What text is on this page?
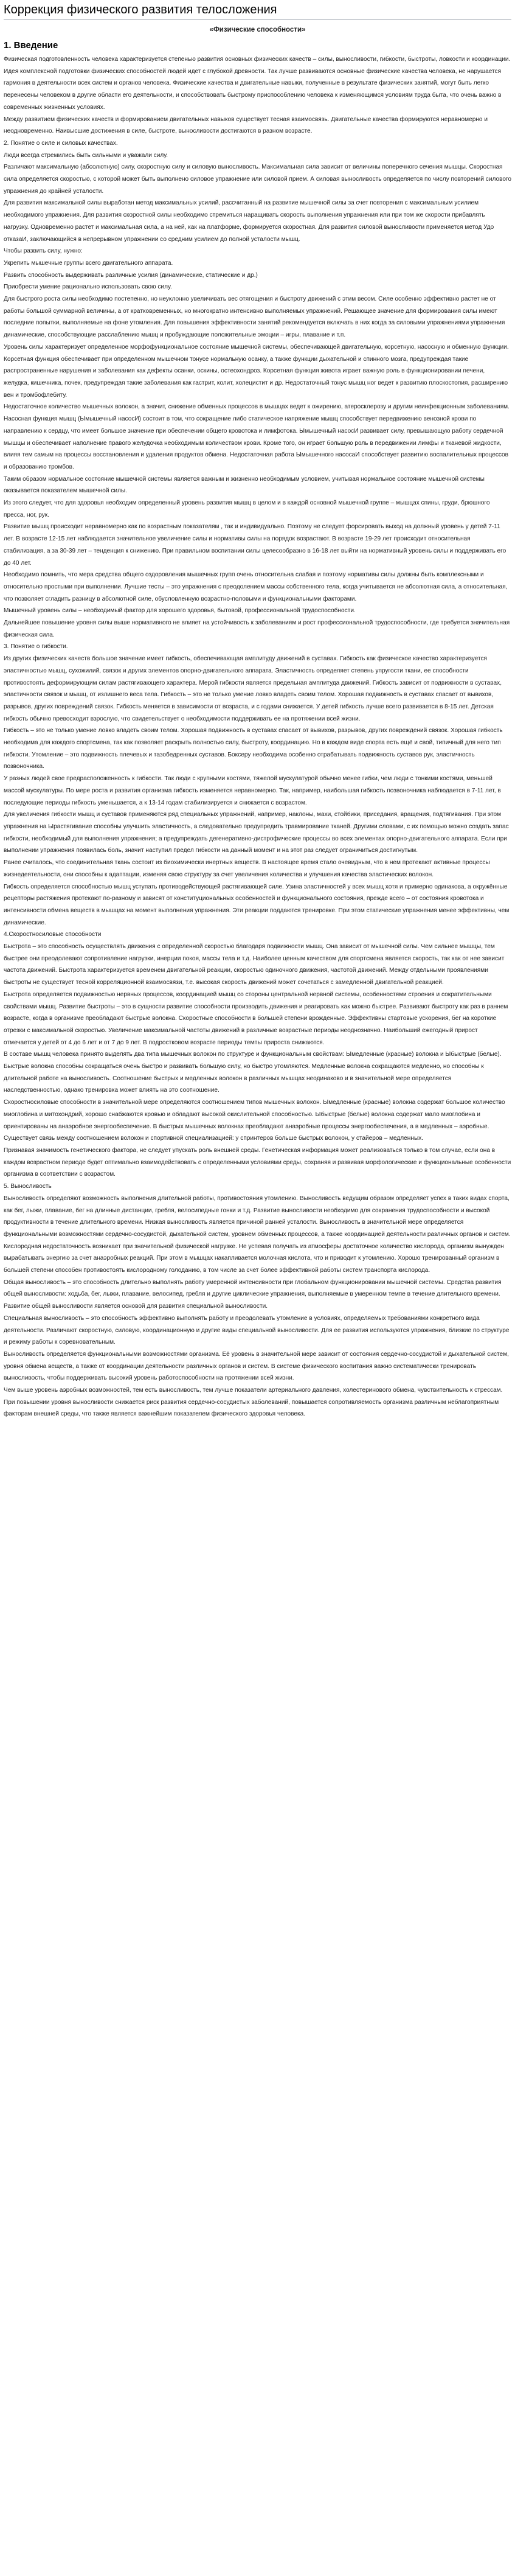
Коррекция физического развития телосложения
«Физические способности»
1. Введение

Физическая подготовленность человека характеризуется степенью развития основных физических качеств – силы, выносливости, гибкости, быстроты, ловкости и координации.

Идея комплексной подготовки физических способностей людей идет с глубокой древности. Так лучше развиваются основные физические качества человека, не нарушается гармония в деятельности всех систем и органов человека. Физические качества и двигательные навыки, полученные в результате физических занятий, могут быть легко перенесены человеком в другие области его деятельности, и способствовать быстрому приспособлению человека к изменяющимся условиям труда быта, что очень важно в современных жизненных условиях.

Между развитием физических качеств и формированием двигательных навыков существует тесная взаимосвязь. Двигательные качества формируются неравномерно и неодновременно. Наивысшие достижения в силе, быстроте, выносливости достигаются в разном возрасте.

2. Понятие о силе и силовых качествах.

Люди всегда стремились быть сильными и уважали силу.

Различают максимальную (абсолютную) силу, скоростную силу и силовую выносливость. Максимальная сила зависит от величины поперечного сечения мышцы. Скоростная сила определяется скоростью, с которой может быть выполнено силовое упражнение или силовой прием. А силовая выносливость определяется по числу повторений силового упражнения до крайней усталости.

Для развития максимальной силы выработан метод максимальных усилий, рассчитанный на развитие мышечной силы за счет повторения с максимальным усилием необходимого упражнения. Для развития скоростной силы необходимо стремиться наращивать скорость выполнения упражнения или при том же скорости прибавлять нагрузку. Одновременно растет и максимальная сила, а на ней, как на платформе, формируется скоростная. Для развития силовой выносливости применяется метод Удо отказаИ, заключающийся в непрерывном упражнении со средним усилием до полной усталости мышц.

Чтобы развить силу, нужно:

Укрепить мышечные группы всего двигательного аппарата.

Развить способность выдерживать различные усилия (динамические, статические и др.)

Приобрести умение рационально использовать свою силу.

Для быстрого роста силы необходимо постепенно, но неуклонно увеличивать вес отягощения и быстроту движений с этим весом. Силе особенно эффективно растет не от работы большой суммарной величины, а от кратковременных, но многократно интенсивно выполняемых упражнений. Решающее значение для формирования силы имеют последние попытки, выполняемые на фоне утомления. Для повышения эффективности занятий рекомендуется включать в них когда за силовыми упражнениями упражнения динамические, способствующие расслаблению мышц и пробуждающие положительные эмоции – игры, плавание и т.п.

Уровень силы характеризует определенное морфофункциональное состояние мышечной системы, обеспечивающей двигательную, корсетную, насосную и обменную функции.

Корсетная функция обеспечивает при определенном мышечном тонусе нормальную осанку, а также функции дыхательной и спинного мозга, предупреждая такие распространенные нарушения и заболевания как дефекты осанки, оскины, остеохондроз. Корсетная функция живота играет важную роль в функционировании печени, желудка, кишечника, почек, предупреждая такие заболевания как гастрит, колит, холецистит и др. Недостаточный тонус мышц ног ведет к развитию плоскостопия, расширению вен и тромбофлебиту.

Недостаточное количество мышечных волокон, а значит, снижение обменных процессов в мышцах ведет к ожирению, атеросклерозу и другим неинфекционным заболеваниям.

Насосная функция мышц (Ымышечный насосИ) состоит в том, что сокращение либо статическое напряжение мышц способствует передвижению венозной крови по направлению к сердцу, что имеет большое значение при обеспечении общего кровотока и лимфотока. Ымышечный насосИ развивает силу, превышающую работу сердечной мышцы и обеспечивает наполнение правого желудочка необходимым количеством крови. Кроме того, он играет большую роль в передвижении лимфы и тканевой жидкости, влияя тем самым на процессы восстановления и удаления продуктов обмена. Недостаточная работа Ымышечного насосаИ способствует развитию воспалительных процессов и образованию тромбов.

Таким образом нормальное состояние мышечной системы является важным и жизненно необходимым условием, учитывая нормальное состояние мышечной системы оказывается показателем мышечной силы.

Из этого следует, что для здоровья необходим определенный уровень развития мышц в целом и в каждой основной мышечной группе – мышцах спины, груди, брюшного пресса, ног, рук.

Развитие мышц происходит неравномерно как по возрастным показателям , так и индивидуально. Поэтому не следует форсировать выход на должный уровень у детей 7-11 лет. В возрасте 12-15 лет наблюдается значительное увеличение силы и нормативы силы на порядок возрастают. В возрасте 19-29 лет происходит относительная стабилизация, а за 30-39 лет – тенденция к снижению. При правильном воспитании силы целесообразно в 16-18 лет выйти на нормативный уровень силы и поддерживать его до 40 лет.

Необходимо помнить, что мера средства общего оздоровления мышечных групп очень относительна слабая и поэтому нормативы силы должны быть комплексными и относительно простыми при выполнении. Лучшие тесты – это упражнения с преодолением массы собственного тела, когда учитывается не абсолютная сила, а относительная, что позволяет сгладить разницу в абсолютной силе, обусловленную возрастно-половыми и функциональными факторами.

Мышечный уровень силы – необходимый фактор для хорошего здоровья, бытовой, профессиональной трудоспособности.

Дальнейшее повышение уровня силы выше нормативного не влияет на устойчивость к заболеваниям и рост профессиональной трудоспособности, где требуется значительная физическая сила.

3. Понятие о гибкости.

Из других физических качеств большое значение имеет гибкость, обеспечивающая амплитуду движений в суставах. Гибкость как физическое качество характеризуется эластичностью мышц, сухожилий, связок и других элементов опорно-двигательного аппарата. Эластичность определяет степень упругости ткани, ее способности противостоять деформирующим силам растягивающего характера. Мерой гибкости является предельная амплитуда движений. Гибкость зависит от подвижности в суставах, эластичности связок и мышц, от излишнего веса тела. Гибкость – это не только умение ловко владеть своим телом. Хорошая подвижность в суставах спасает от вывихов, разрывов, других повреждений связок. Гибкость меняется в зависимости от возраста, и с годами снижается. У детей гибкость лучше всего развивается в 8-15 лет. Детская гибкость обычно превосходит взрослую, что свидетельствует о необходимости поддерживать ее на протяжении всей жизни.

Гибкость – это не только умение ловко владеть своим телом. Хорошая подвижность в суставах спасает от вывихов, разрывов, других повреждений связок. Хорошая гибкость необходима для каждого спортсмена, так как позволяет раскрыть полностью силу, быстроту, координацию. Но в каждом виде спорта есть ещё и свой, типичный для него тип гибкости. Утомление – это подвижность плечевых и тазобедренных суставов. Боксеру необходима особенно отрабатывать подвижность суставов рук, эластичность позвоночника.

У разных людей свое предрасположенность к гибкости. Так люди с крупными костями, тяжелой мускулатурой обычно менее гибки, чем люди с тонкими костями, меньшей массой мускулатуры. По мере роста и развития организма гибкость изменяется неравномерно. Так, например, наибольшая гибкость позвоночника наблюдается в 7-11 лет, в последующие периоды гибкость уменьшается, а к 13-14 годам стабилизируется и снижается с возрастом.

Для увеличения гибкости мышц и суставов применяются ряд специальных упражнений, например, наклоны, махи, стойбики, приседания, вращения, подтягивания. При этом упражнения на Ырастягивание способны улучшить эластичность, а следовательно предупредить травмирование тканей. Другими словами, с их помощью можно создать запас гибкости, необходимый для выполнения упражнения; а предупреждать дегенеративно-дистрофические процессы во всех элементах опорно-двигательного аппарата. Если при выполнении упражнения появилась боль, значит наступил предел гибкости на данный момент и на этот раз следует ограничиться достигнутым.

Ранее считалось, что соединительная ткань состоит из биохимически инертных веществ. В настоящее время стало очевидным, что в нем протекают активные процессы жизнедеятельности, они способны к адаптации, изменяя свою структуру за счет увеличения количества и улучшения качества эластических волокон.

Гибкость определяется способностью мышц уступать противодействующей растягивающей силе. Узина эластичностей у всех мышц хотя и примерно одинакова, а окружённые рецепторы растяжения протекают по-разному и зависят от конституциональных особенностей и функционального состояния, прежде всего – от состояния кровотока и интенсивности обмена веществ в мышцах на момент выполнения упражнения. Эти реакции поддаются тренировке. При этом статические упражнения менее эффективны, чем динамические.

4.Скоростносиловые способности

Быстрота – это способность осуществлять движения с определенной скоростью благодаря подвижности мышц. Она зависит от мышечной силы. Чем сильнее мышцы, тем быстрее они преодолевают сопротивление нагрузки, инерции покоя, массы тела и т.д. Наиболее ценным качеством для спортсмена является скорость, так как от нее зависит частота движений. Быстрота характеризуется временем двигательной реакции, скоростью одиночного движения, частотой движений. Между отдельными проявлениями быстроты не существует тесной корреляционной взаимосвязи, т.е. высокая скорость движений может сочетаться с замедленной двигательной реакцией.

Быстрота определяется подвижностью нервных процессов, координацией мышц со стороны центральной нервной системы, особенностями строения и сократительными свойствами мышц. Развитие быстроты – это в сущности развитие способности производить движения и реагировать как можно быстрее. Развивают быстроту как раз в раннем возрасте, когда в организме преобладают быстрые волокна. Скоростные способности в большей степени врожденные. Эффективны стартовые ускорения, бег на короткие отрезки с максимальной скоростью. Увеличение максимальной частоты движений в различные возрастные периоды неоднозначно. Наибольший ежегодный прирост отмечается у детей от 4 до 6 лет и от 7 до 9 лет. В подростковом возрасте периоды темпы прироста снижаются.

В составе мышц человека принято выделять два типа мышечных волокон по структуре и функциональным свойствам: Ымедленные (красные) волокна и Ыбыстрые (белые). Быстрые волокна способны сокращаться очень быстро и развивать большую силу, но быстро утомляются. Медленные волокна сокращаются медленно, но способны к длительной работе на выносливость. Соотношение быстрых и медленных волокон в различных мышцах неодинаково и в значительной мере определяется наследственностью, однако тренировка может влиять на это соотношение.

Скоростносиловые способности в значительной мере определяются соотношением типов мышечных волокон. Ымедленные (красные) волокна содержат большое количество миоглобина и митохондрий, хорошо снабжаются кровью и обладают высокой окислительной способностью. Ыбыстрые (белые) волокна содержат мало миоглобина и ориентированы на анаэробное энергообеспечение. В быстрых мышечных волокнах преобладают анаэробные процессы энергообеспечения, а в медленных – аэробные. Существует связь между соотношением волокон и спортивной специализацией: у спринтеров больше быстрых волокон, у стайеров – медленных.

Признавая значимость генетического фактора, не следует упускать роль внешней среды. Генетическая информация может реализоваться только в том случае, если она в каждом возрастном периоде будет оптимально взаимодействовать с определенными условиями среды, сохраняя и развивая морфологические и функциональные особенности организма в соответствии с возрастом.

5. Выносливость

Выносливость определяют возможность выполнения длительной работы, противостояния утомлению. Выносливость ведущим образом определяет успех в таких видах спорта, как бег, лыжи, плавание, бег на длинные дистанции, гребля, велосипедные гонки и т.д. Развитие выносливости необходимо для сохранения трудоспособности и высокой продуктивности в течение длительного времени. Низкая выносливость является причиной ранней усталости. Выносливость в значительной мере определяется функциональными возможностями сердечно-сосудистой, дыхательной систем, уровнем обменных процессов, а также координацией деятельности различных органов и систем.

Кислородная недостаточность возникает при значительной физической нагрузке. Не успевая получать из атмосферы достаточное количество кислорода, организм вынужден вырабатывать энергию за счет анаэробных реакций. При этом в мышцах накапливается молочная кислота, что и приводит к утомлению. Хорошо тренированный организм в большей степени способен противостоять кислородному голоданию, в том числе за счет более эффективной работы систем транспорта кислорода.

Общая выносливость – это способность длительно выполнять работу умеренной интенсивности при глобальном функционировании мышечной системы. Средства развития общей выносливости: ходьба, бег, лыжи, плавание, велосипед, гребля и другие циклические упражнения, выполняемые в умеренном темпе в течение длительного времени. Развитие общей выносливости является основой для развития специальной выносливости.

Специальная выносливость – это способность эффективно выполнять работу и преодолевать утомление в условиях, определяемых требованиями конкретного вида деятельности. Различают скоростную, силовую, координационную и другие виды специальной выносливости. Для ее развития используются упражнения, близкие по структуре и режиму работы к соревновательным.

Выносливость определяется функциональными возможностями организма. Её уровень в значительной мере зависит от состояния сердечно-сосудистой и дыхательной систем, уровня обмена веществ, а также от координации деятельности различных органов и систем. В системе физического воспитания важно систематически тренировать выносливость, чтобы поддерживать высокий уровень работоспособности на протяжении всей жизни.

Чем выше уровень аэробных возможностей, тем есть выносливость, тем лучше показатели артериального давления, холестеринового обмена, чувствительность к стрессам. При повышении уровня выносливости снижается риск развития сердечно-сосудистых заболеваний, повышается сопротивляемость организма различным неблагоприятным факторам внешней среды, что также является важнейшим показателем физического здоровья человека.
